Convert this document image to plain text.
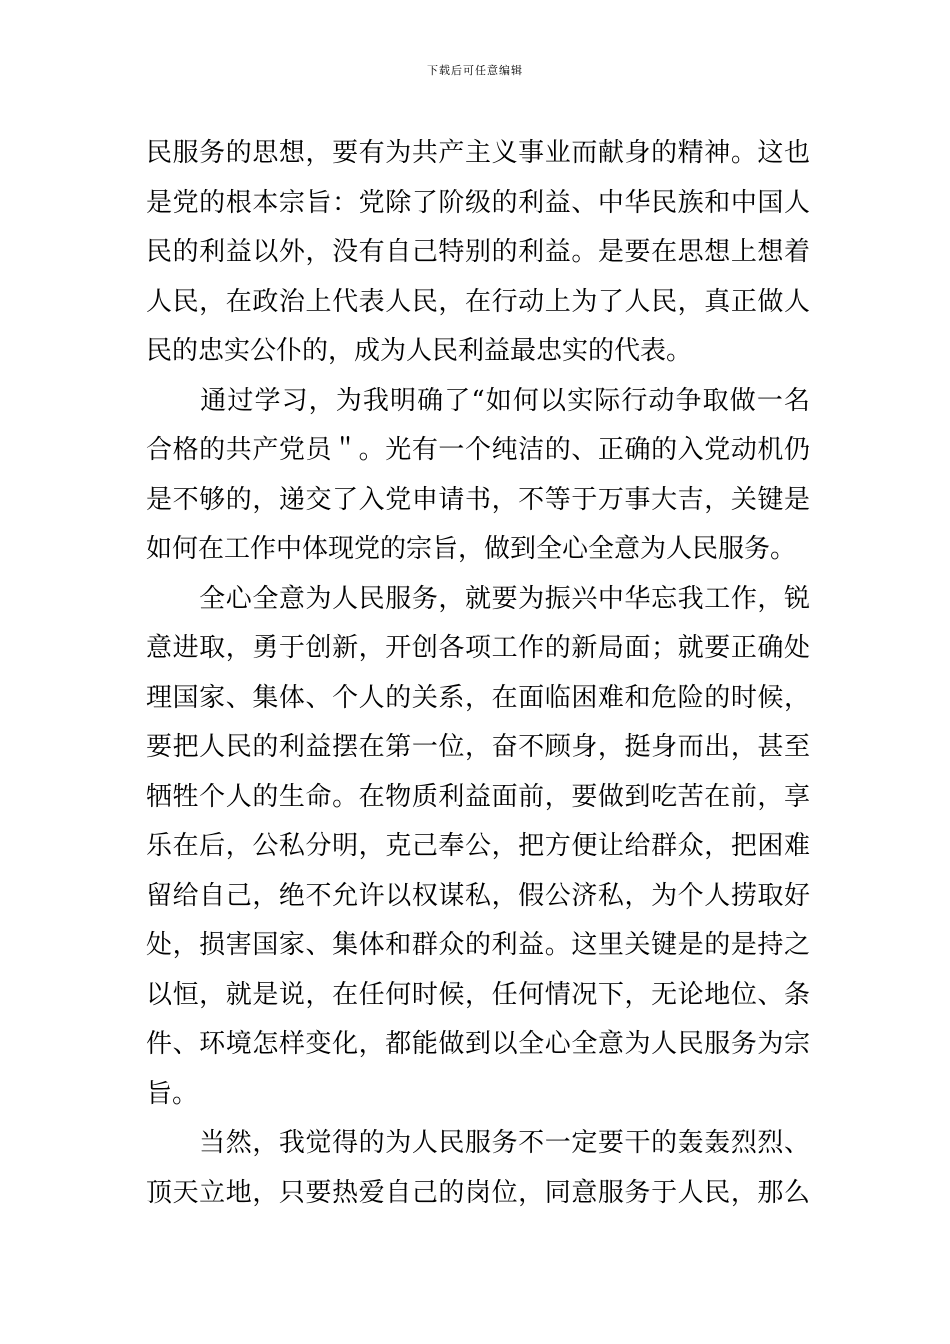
下载后可任意编辑
民服务的思想，要有为共产主义事业而献身的精神。这也
是党的根本宗旨：党除了阶级的利益、中华民族和中国人
民的利益以外，没有自己特别的利益。是要在思想上想着
人民，在政治上代表人民，在行动上为了人民，真正做人
民的忠实公仆的，成为人民利益最忠实的代表。
　　通过学习，为我明确了“如何以实际行动争取做一名
合格的共产党员＂。光有一个纯洁的、正确的入党动机仍
是不够的，递交了入党申请书，不等于万事大吉，关键是
如何在工作中体现党的宗旨，做到全心全意为人民服务。
　　全心全意为人民服务，就要为振兴中华忘我工作，锐
意进取，勇于创新，开创各项工作的新局面；就要正确处
理国家、集体、个人的关系，在面临困难和危险的时候，
要把人民的利益摆在第一位，奋不顾身，挺身而出，甚至
牺牲个人的生命。在物质利益面前，要做到吃苦在前，享
乐在后，公私分明，克己奉公，把方便让给群众，把困难
留给自己，绝不允许以权谋私，假公济私，为个人捞取好
处，损害国家、集体和群众的利益。这里关键是的是持之
以恒，就是说，在任何时候，任何情况下，无论地位、条
件、环境怎样变化，都能做到以全心全意为人民服务为宗
旨。
　　当然，我觉得的为人民服务不一定要干的轰轰烈烈、
顶天立地，只要热爱自己的岗位，同意服务于人民，那么
